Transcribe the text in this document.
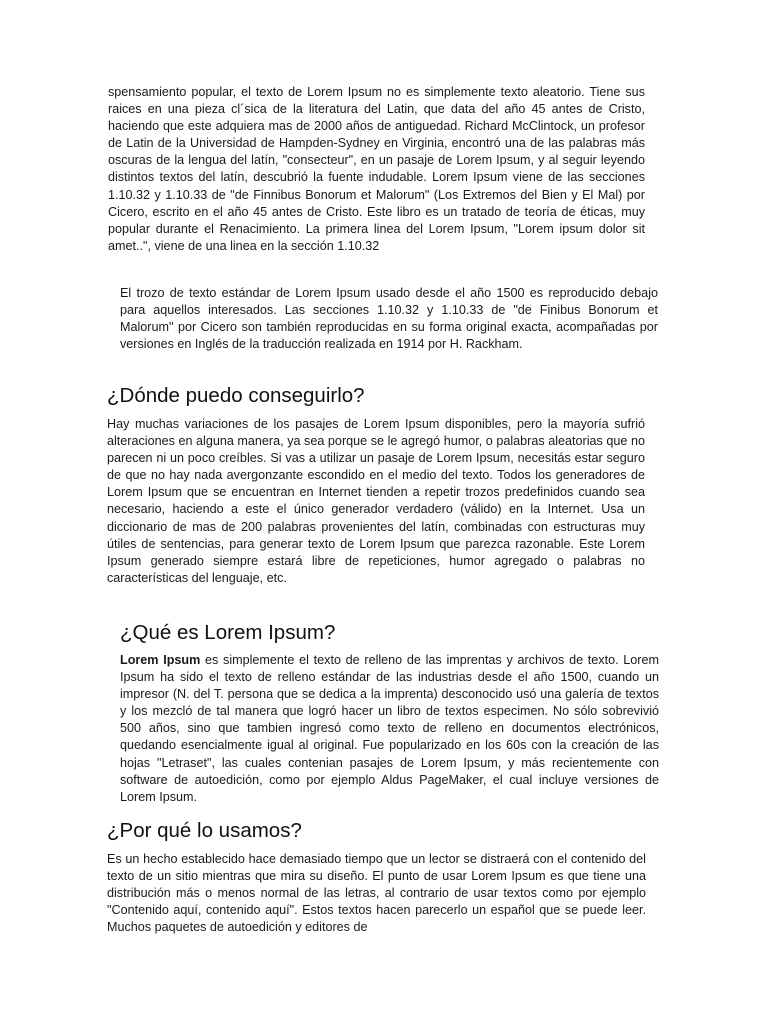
spensamiento popular, el texto de Lorem Ipsum no es simplemente texto aleatorio. Tiene sus raices en una pieza cl´sica de la literatura del Latin, que data del año 45 antes de Cristo, haciendo que este adquiera mas de 2000 años de antiguedad. Richard McClintock, un profesor de Latin de la Universidad de Hampden-Sydney en Virginia, encontró una de las palabras más oscuras de la lengua del latín, "consecteur", en un pasaje de Lorem Ipsum, y al seguir leyendo distintos textos del latín, descubrió la fuente indudable. Lorem Ipsum viene de las secciones 1.10.32 y 1.10.33 de "de Finnibus Bonorum et Malorum" (Los Extremos del Bien y El Mal) por Cicero, escrito en el año 45 antes de Cristo. Este libro es un tratado de teoría de éticas, muy popular durante el Renacimiento. La primera linea del Lorem Ipsum, "Lorem ipsum dolor sit amet..", viene de una linea en la sección 1.10.32

El trozo de texto estándar de Lorem Ipsum usado desde el año 1500 es reproducido debajo para aquellos interesados. Las secciones 1.10.32 y 1.10.33 de "de Finibus Bonorum et Malorum" por Cicero son también reproducidas en su forma original exacta, acompañadas por versiones en Inglés de la traducción realizada en 1914 por H. Rackham.

¿Dónde puedo conseguirlo?

Hay muchas variaciones de los pasajes de Lorem Ipsum disponibles, pero la mayoría sufrió alteraciones en alguna manera, ya sea porque se le agregó humor, o palabras aleatorias que no parecen ni un poco creíbles. Si vas a utilizar un pasaje de Lorem Ipsum, necesitás estar seguro de que no hay nada avergonzante escondido en el medio del texto. Todos los generadores de Lorem Ipsum que se encuentran en Internet tienden a repetir trozos predefinidos cuando sea necesario, haciendo a este el único generador verdadero (válido) en la Internet. Usa un diccionario de mas de 200 palabras provenientes del latín, combinadas con estructuras muy útiles de sentencias, para generar texto de Lorem Ipsum que parezca razonable. Este Lorem Ipsum generado siempre estará libre de repeticiones, humor agregado o palabras no características del lenguaje, etc.

¿Qué es Lorem Ipsum?

Lorem Ipsum es simplemente el texto de relleno de las imprentas y archivos de texto. Lorem Ipsum ha sido el texto de relleno estándar de las industrias desde el año 1500, cuando un impresor (N. del T. persona que se dedica a la imprenta) desconocido usó una galería de textos y los mezcló de tal manera que logró hacer un libro de textos especimen. No sólo sobrevivió 500 años, sino que tambien ingresó como texto de relleno en documentos electrónicos, quedando esencialmente igual al original. Fue popularizado en los 60s con la creación de las hojas "Letraset", las cuales contenian pasajes de Lorem Ipsum, y más recientemente con software de autoedición, como por ejemplo Aldus PageMaker, el cual incluye versiones de Lorem Ipsum.

¿Por qué lo usamos?

Es un hecho establecido hace demasiado tiempo que un lector se distraerá con el contenido del texto de un sitio mientras que mira su diseño. El punto de usar Lorem Ipsum es que tiene una distribución más o menos normal de las letras, al contrario de usar textos como por ejemplo "Contenido aquí, contenido aquí". Estos textos hacen parecerlo un español que se puede leer. Muchos paquetes de autoedición y editores de
